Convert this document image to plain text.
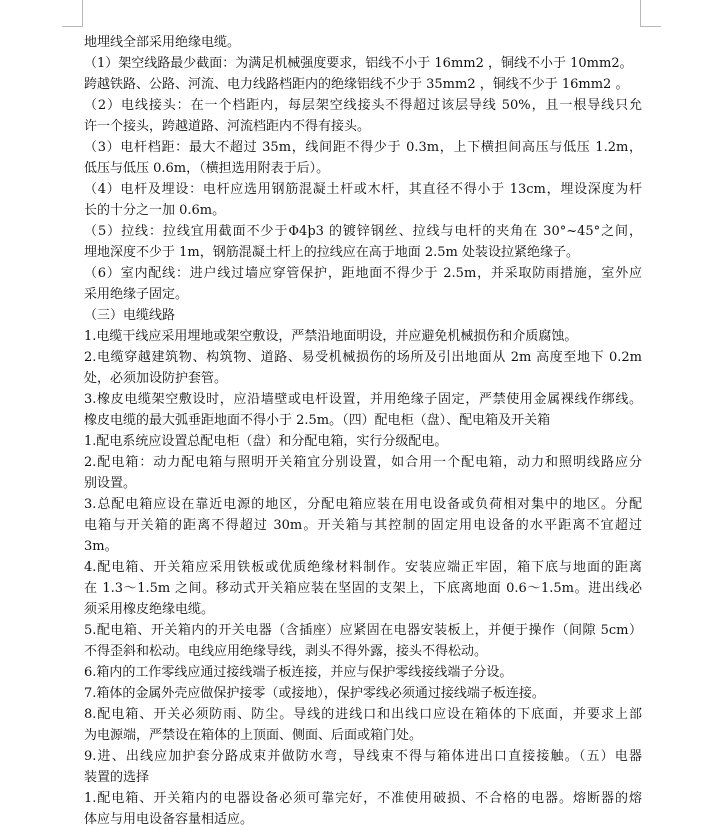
地埋线全部采用绝缘电缆。
（1）架空线路最少截面：为满足机械强度要求，铝线不小于 16mm2 ，铜线不小于 10mm2。
跨越铁路、公路、河流、电力线路档距内的绝缘铝线不少于 35mm2 ，铜线不少于 16mm2 。
（2）电线接头：在一个档距内，每层架空线接头不得超过该层导线 50%，且一根导线只允
许一个接头，跨越道路、河流档距内不得有接头。
（3）电杆档距：最大不超过 35m，线间距不得少于 0.3m，上下横担间高压与低压 1.2m，
低压与低压 0.6m，（横担选用附表于后）。
（4）电杆及埋设：电杆应选用钢筋混凝土杆或木杆，其直径不得小于 13cm，埋设深度为杆
长的十分之一加 0.6m。
（5）拉线：拉线宜用截面不少于Φ4þ3 的镀锌钢丝、拉线与电杆的夹角在 30°~45°之间，
埋地深度不少于 1m，钢筋混凝土杆上的拉线应在高于地面 2.5m 处装设拉紧绝缘子。
（6）室内配线：进户线过墙应穿管保护，距地面不得少于 2.5m，并采取防雨措施，室外应
采用绝缘子固定。
（三）电缆线路
1.电缆干线应采用埋地或架空敷设，严禁沿地面明设，并应避免机械损伤和介质腐蚀。
2.电缆穿越建筑物、构筑物、道路、易受机械损伤的场所及引出地面从 2m 高度至地下 0.2m
处，必须加设防护套管。
3.橡皮电缆架空敷设时，应沿墙壁或电杆设置，并用绝缘子固定，严禁使用金属裸线作绑线。
橡皮电缆的最大弧垂距地面不得小于 2.5m。（四）配电柜（盘）、配电箱及开关箱
1.配电系统应设置总配电柜（盘）和分配电箱，实行分级配电。
2.配电箱：动力配电箱与照明开关箱宜分别设置，如合用一个配电箱，动力和照明线路应分
别设置。
3.总配电箱应设在靠近电源的地区，分配电箱应装在用电设备或负荷相对集中的地区。分配
电箱与开关箱的距离不得超过 30m。开关箱与其控制的固定用电设备的水平距离不宜超过
3m。
4.配电箱、开关箱应采用铁板或优质绝缘材料制作。安装应端正牢固，箱下底与地面的距离
在 1.3～1.5m 之间。移动式开关箱应装在坚固的支架上，下底离地面 0.6～1.5m。进出线必
须采用橡皮绝缘电缆。
5.配电箱、开关箱内的开关电器（含插座）应紧固在电器安装板上，并便于操作（间隙 5cm）
不得歪斜和松动。电线应用绝缘导线，剥头不得外露，接头不得松动。
6.箱内的工作零线应通过接线端子板连接，并应与保护零线接线端子分设。
7.箱体的金属外壳应做保护接零（或接地），保护零线必须通过接线端子板连接。
8.配电箱、开关必须防雨、防尘。导线的进线口和出线口应设在箱体的下底面，并要求上部
为电源端，严禁设在箱体的上顶面、侧面、后面或箱门处。
9.进、出线应加护套分路成束并做防水弯，导线束不得与箱体进出口直接接触。（五）电器
装置的选择
1.配电箱、开关箱内的电器设备必须可靠完好，不准使用破损、不合格的电器。熔断器的熔
体应与用电设备容量相适应。
